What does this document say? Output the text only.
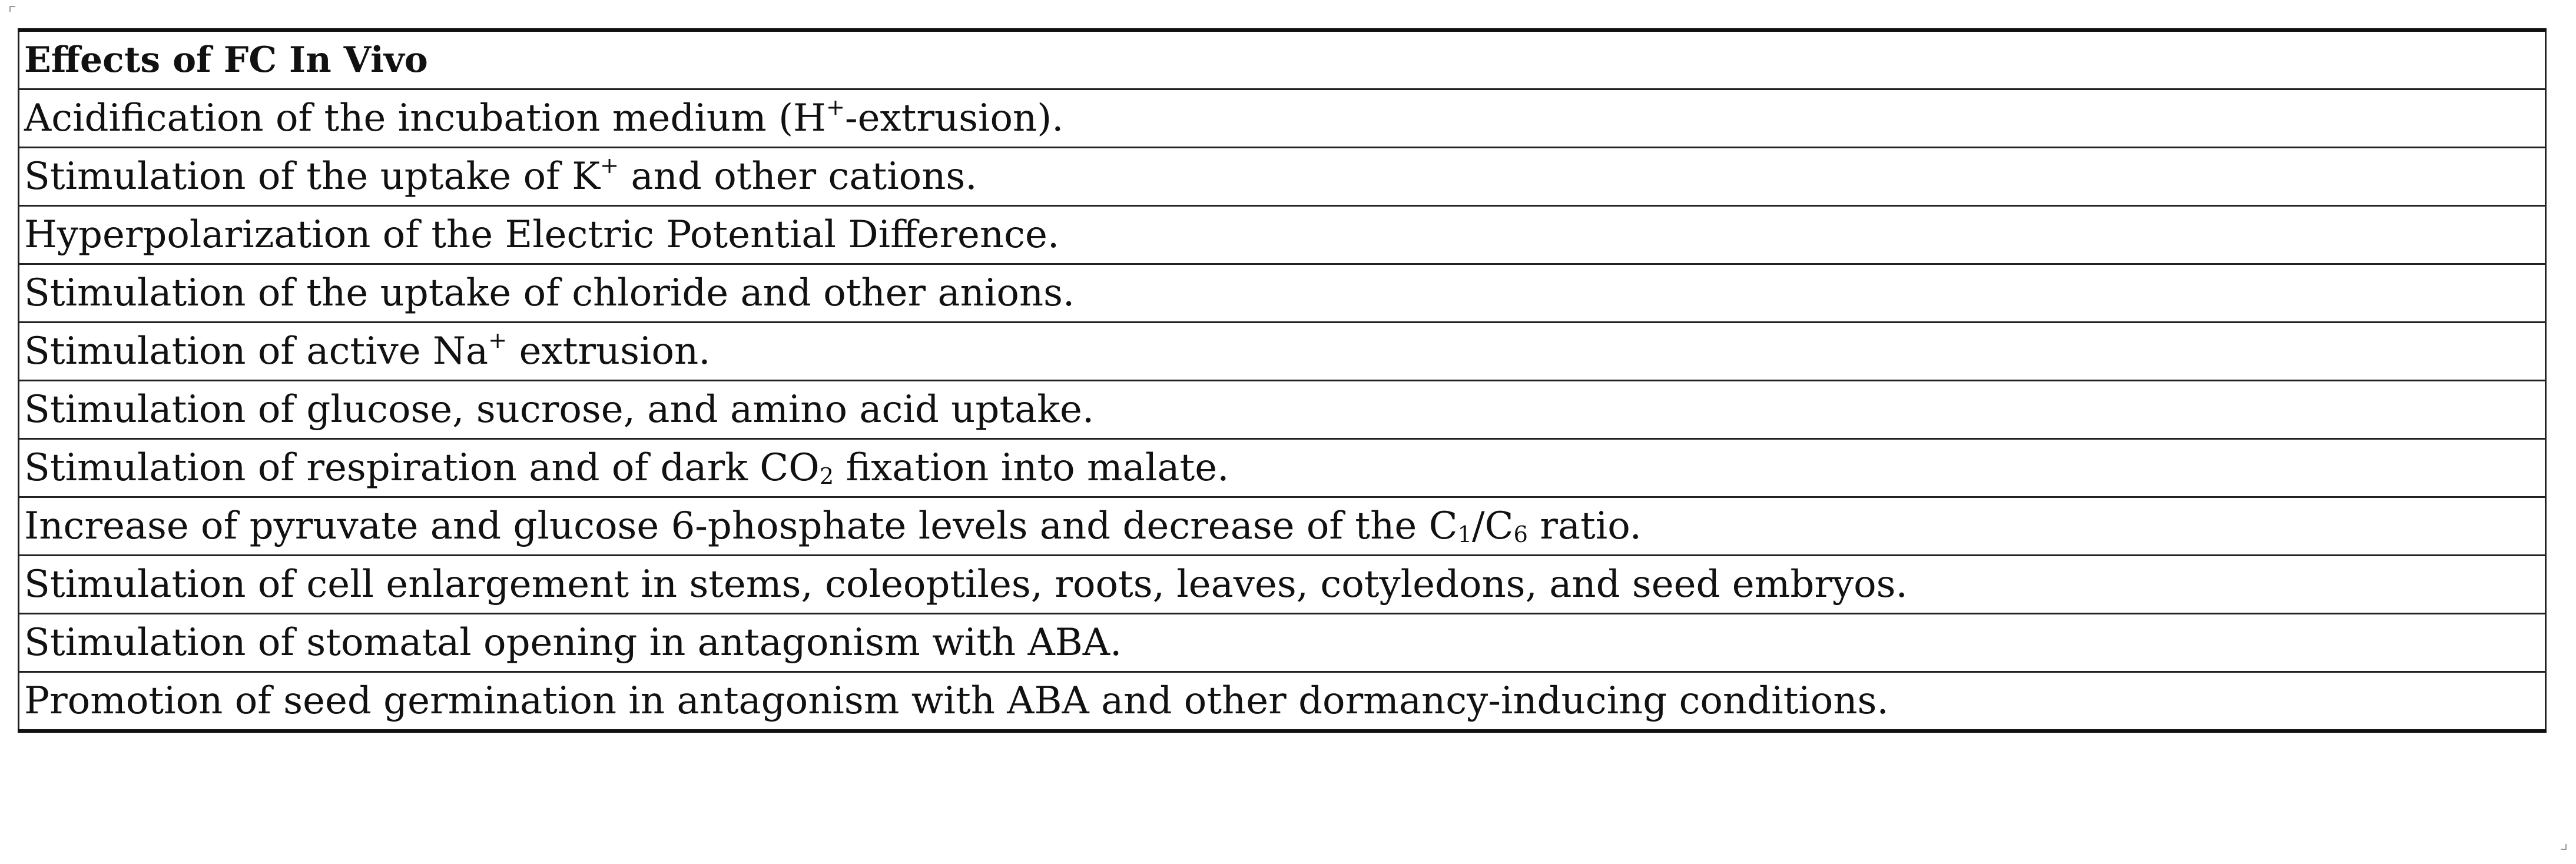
Effects of FC In Vivo
Acidification of the incubation medium (H+-extrusion).
Stimulation of the uptake of K+ and other cations.
Hyperpolarization of the Electric Potential Difference.
Stimulation of the uptake of chloride and other anions.
Stimulation of active Na+ extrusion.
Stimulation of glucose, sucrose, and amino acid uptake.
Stimulation of respiration and of dark $CO_2$ fixation into malate.
Increase of pyruvate and glucose 6-phosphate levels and decrease of the $C_1/C_6$ ratio.
Stimulation of cell enlargement in stems, coleoptiles, roots, leaves, cotyledons, and seed embryos.
Stimulation of stomatal opening in antagonism with ABA.
Promotion of seed germination in antagonism with ABA and other dormancy-inducing conditions.
